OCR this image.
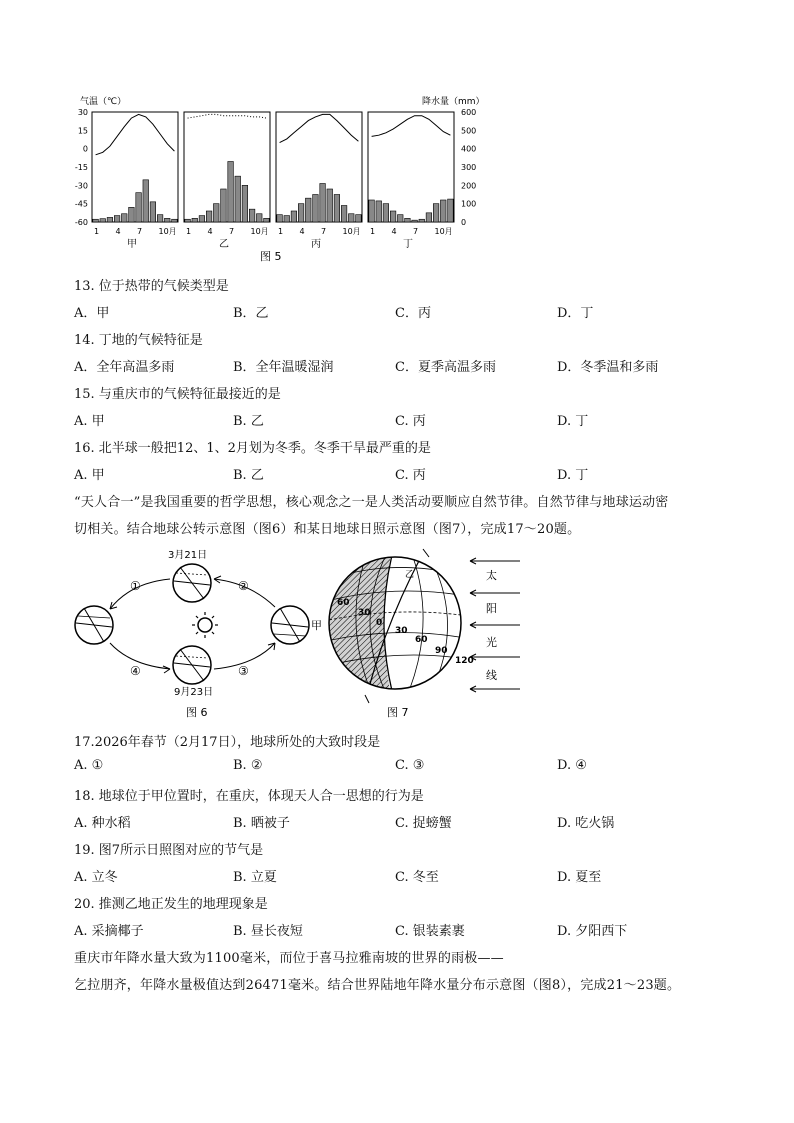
气温（℃）	降水量（mm）
30
15
0
-15
-30
-45
-60
600
500
400
300
200
100
0
1 4 7 10月
甲
1 4 7 10月
乙
1 4 7 10月
丙
1 4 7 10月
丁
图 5
13. 位于热带的气候类型是
A．甲	B．乙	C．丙	D．丁
14. 丁地的气候特征是
A．全年高温多雨	B．全年温暖湿润	C．夏季高温多雨	D．冬季温和多雨
15. 与重庆市的气候特征最接近的是
A. 甲	B. 乙	C. 丙	D. 丁
16. 北半球一般把12、1、2月划为冬季。冬季干旱最严重的是
A. 甲	B. 乙	C. 丙	D. 丁
“天人合一”是我国重要的哲学思想，核心观念之一是人类活动要顺应自然节律。自然节律与地球运动密
切相关。结合地球公转示意图（图6）和某日地球日照示意图（图7），完成17～20题。
3月21日
①	②
④	③
甲
9月23日
图 6
60
30
0
30
60
90
120
乙	太
阳
光
线
图 7
17.2026年春节（2月17日），地球所处的大致时段是
A. ①	B. ②	C. ③	D. ④
18. 地球位于甲位置时，在重庆，体现天人合一思想的行为是
A. 种水稻	B. 晒被子	C. 捉螃蟹	D. 吃火锅
19. 图7所示日照图对应的节气是
A. 立冬	B. 立夏	C. 冬至	D. 夏至
20. 推测乙地正发生的地理现象是
A. 采摘椰子	B. 昼长夜短	C. 银装素裹	D. 夕阳西下
重庆市年降水量大致为1100毫米，而位于喜马拉雅南坡的世界的雨极——
乞拉朋齐，年降水量极值达到26471毫米。结合世界陆地年降水量分布示意图（图8），完成21～23题。
